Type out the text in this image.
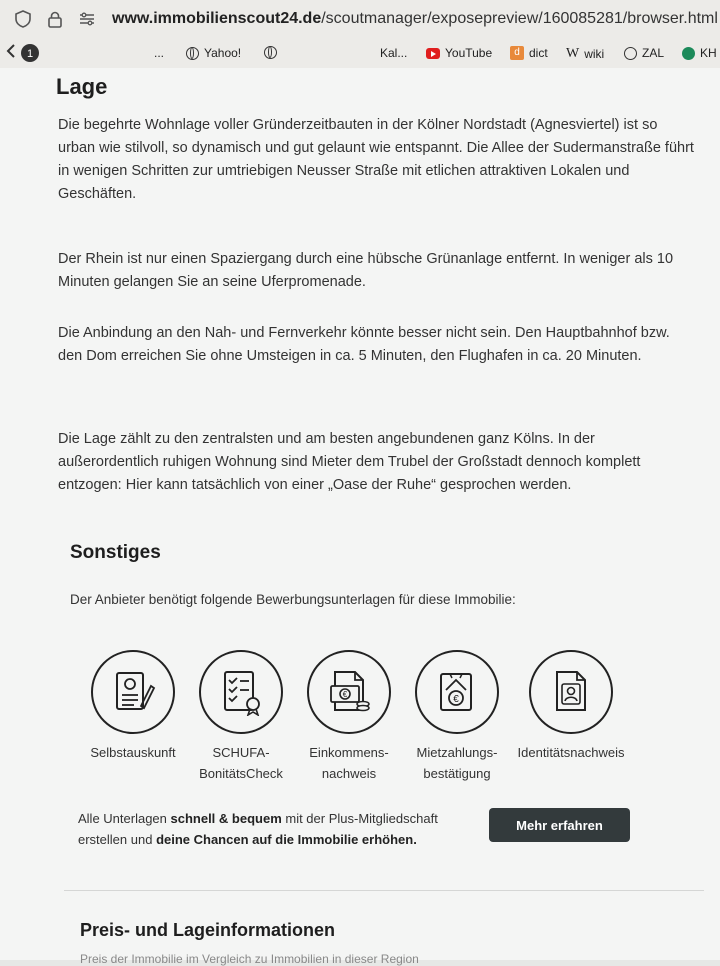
www.immobilienscout24.de/scoutmanager/exposepreview/160085281/browser.html
1	...	Yahoo!	Kal...	YouTube	d dict W wiki	ZAL	KH
Lage

Die begehrte Wohnlage voller Gründerzeitbauten in der Kölner Nordstadt (Agnesviertel) ist so urban wie stilvoll, so dynamisch und gut gelaunt wie entspannt. Die Allee der Sudermanstraße führt in wenigen Schritten zur umtriebigen Neusser Straße mit etlichen attraktiven Lokalen und Geschäften.

Der Rhein ist nur einen Spaziergang durch eine hübsche Grünanlage entfernt. In weniger als 10 Minuten gelangen Sie an seine Uferpromenade.

Die Anbindung an den Nah- und Fernverkehr könnte besser nicht sein. Den Hauptbahnhof bzw. den Dom erreichen Sie ohne Umsteigen in ca. 5 Minuten, den Flughafen in ca. 20 Minuten.

Die Lage zählt zu den zentralsten und am besten angebundenen ganz Kölns. In der außerordentlich ruhigen Wohnung sind Mieter dem Trubel der Großstadt dennoch komplett entzogen: Hier kann tatsächlich von einer „Oase der Ruhe“ gesprochen werden.

Sonstiges
Der Anbieter benötigt folgende Bewerbungsunterlagen für diese Immobilie:
Selbstauskunft	SCHUFA-
BonitätsCheck
€
Einkommens-
nachweis
€
Mietzahlungs-
bestätigung
Identitätsnachweis
Alle Unterlagen schnell & bequem mit der Plus-Mitgliedschaft erstellen und deine Chancen auf die Immobilie erhöhen.
Mehr erfahren
Preis- und Lageinformationen
Preis der Immobilie im Vergleich zu Immobilien in dieser Region
